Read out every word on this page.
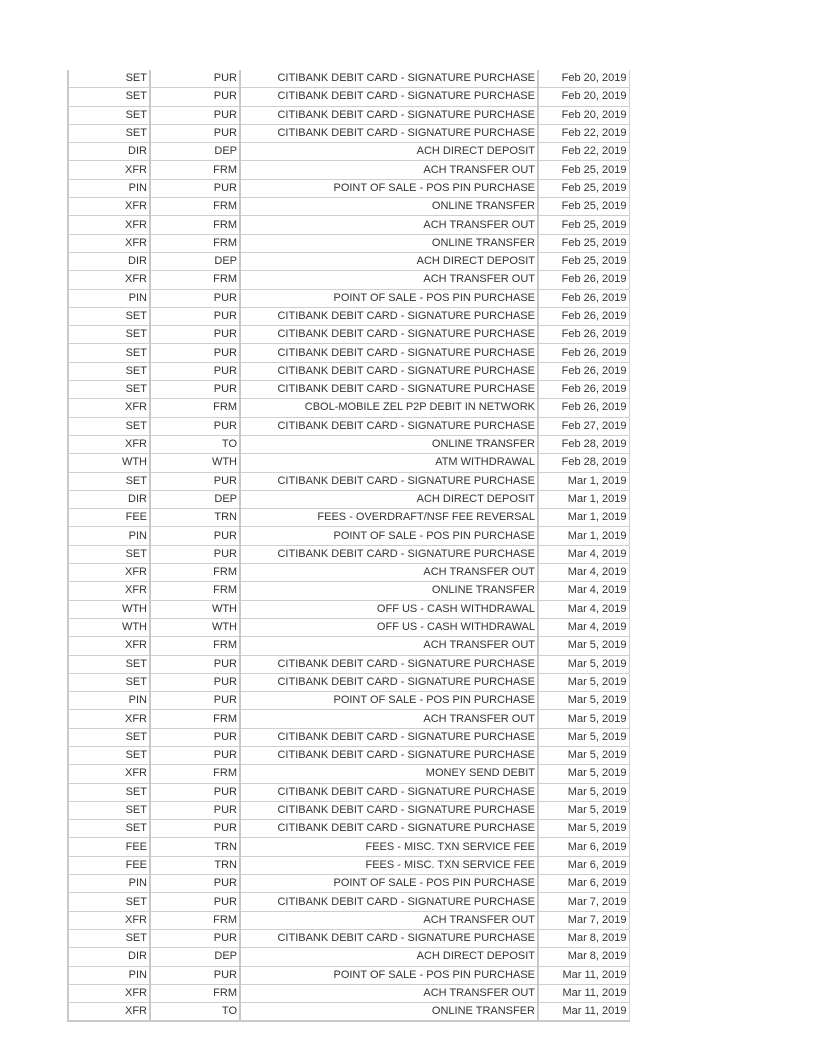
SET	PUR	CITIBANK DEBIT CARD - SIGNATURE PURCHASE	Feb 20, 2019
SET	PUR	CITIBANK DEBIT CARD - SIGNATURE PURCHASE	Feb 20, 2019
SET	PUR	CITIBANK DEBIT CARD - SIGNATURE PURCHASE	Feb 20, 2019
SET	PUR	CITIBANK DEBIT CARD - SIGNATURE PURCHASE	Feb 22, 2019
DIR	DEP	ACH DIRECT DEPOSIT	Feb 22, 2019
XFR	FRM	ACH TRANSFER OUT	Feb 25, 2019
PIN	PUR	POINT OF SALE - POS PIN PURCHASE	Feb 25, 2019
XFR	FRM	ONLINE TRANSFER	Feb 25, 2019
XFR	FRM	ACH TRANSFER OUT	Feb 25, 2019
XFR	FRM	ONLINE TRANSFER	Feb 25, 2019
DIR	DEP	ACH DIRECT DEPOSIT	Feb 25, 2019
XFR	FRM	ACH TRANSFER OUT	Feb 26, 2019
PIN	PUR	POINT OF SALE - POS PIN PURCHASE	Feb 26, 2019
SET	PUR	CITIBANK DEBIT CARD - SIGNATURE PURCHASE	Feb 26, 2019
SET	PUR	CITIBANK DEBIT CARD - SIGNATURE PURCHASE	Feb 26, 2019
SET	PUR	CITIBANK DEBIT CARD - SIGNATURE PURCHASE	Feb 26, 2019
SET	PUR	CITIBANK DEBIT CARD - SIGNATURE PURCHASE	Feb 26, 2019
SET	PUR	CITIBANK DEBIT CARD - SIGNATURE PURCHASE	Feb 26, 2019
XFR	FRM	CBOL-MOBILE ZEL P2P DEBIT IN NETWORK	Feb 26, 2019
SET	PUR	CITIBANK DEBIT CARD - SIGNATURE PURCHASE	Feb 27, 2019
XFR	TO	ONLINE TRANSFER	Feb 28, 2019
WTH	WTH	ATM WITHDRAWAL	Feb 28, 2019
SET	PUR	CITIBANK DEBIT CARD - SIGNATURE PURCHASE	Mar 1, 2019
DIR	DEP	ACH DIRECT DEPOSIT	Mar 1, 2019
FEE	TRN	FEES - OVERDRAFT/NSF FEE REVERSAL	Mar 1, 2019
PIN	PUR	POINT OF SALE - POS PIN PURCHASE	Mar 1, 2019
SET	PUR	CITIBANK DEBIT CARD - SIGNATURE PURCHASE	Mar 4, 2019
XFR	FRM	ACH TRANSFER OUT	Mar 4, 2019
XFR	FRM	ONLINE TRANSFER	Mar 4, 2019
WTH	WTH	OFF US - CASH WITHDRAWAL	Mar 4, 2019
WTH	WTH	OFF US - CASH WITHDRAWAL	Mar 4, 2019
XFR	FRM	ACH TRANSFER OUT	Mar 5, 2019
SET	PUR	CITIBANK DEBIT CARD - SIGNATURE PURCHASE	Mar 5, 2019
SET	PUR	CITIBANK DEBIT CARD - SIGNATURE PURCHASE	Mar 5, 2019
PIN	PUR	POINT OF SALE - POS PIN PURCHASE	Mar 5, 2019
XFR	FRM	ACH TRANSFER OUT	Mar 5, 2019
SET	PUR	CITIBANK DEBIT CARD - SIGNATURE PURCHASE	Mar 5, 2019
SET	PUR	CITIBANK DEBIT CARD - SIGNATURE PURCHASE	Mar 5, 2019
XFR	FRM	MONEY SEND DEBIT	Mar 5, 2019
SET	PUR	CITIBANK DEBIT CARD - SIGNATURE PURCHASE	Mar 5, 2019
SET	PUR	CITIBANK DEBIT CARD - SIGNATURE PURCHASE	Mar 5, 2019
SET	PUR	CITIBANK DEBIT CARD - SIGNATURE PURCHASE	Mar 5, 2019
FEE	TRN	FEES - MISC. TXN SERVICE FEE	Mar 6, 2019
FEE	TRN	FEES - MISC. TXN SERVICE FEE	Mar 6, 2019
PIN	PUR	POINT OF SALE - POS PIN PURCHASE	Mar 6, 2019
SET	PUR	CITIBANK DEBIT CARD - SIGNATURE PURCHASE	Mar 7, 2019
XFR	FRM	ACH TRANSFER OUT	Mar 7, 2019
SET	PUR	CITIBANK DEBIT CARD - SIGNATURE PURCHASE	Mar 8, 2019
DIR	DEP	ACH DIRECT DEPOSIT	Mar 8, 2019
PIN	PUR	POINT OF SALE - POS PIN PURCHASE	Mar 11, 2019
XFR	FRM	ACH TRANSFER OUT	Mar 11, 2019
XFR	TO	ONLINE TRANSFER	Mar 11, 2019
